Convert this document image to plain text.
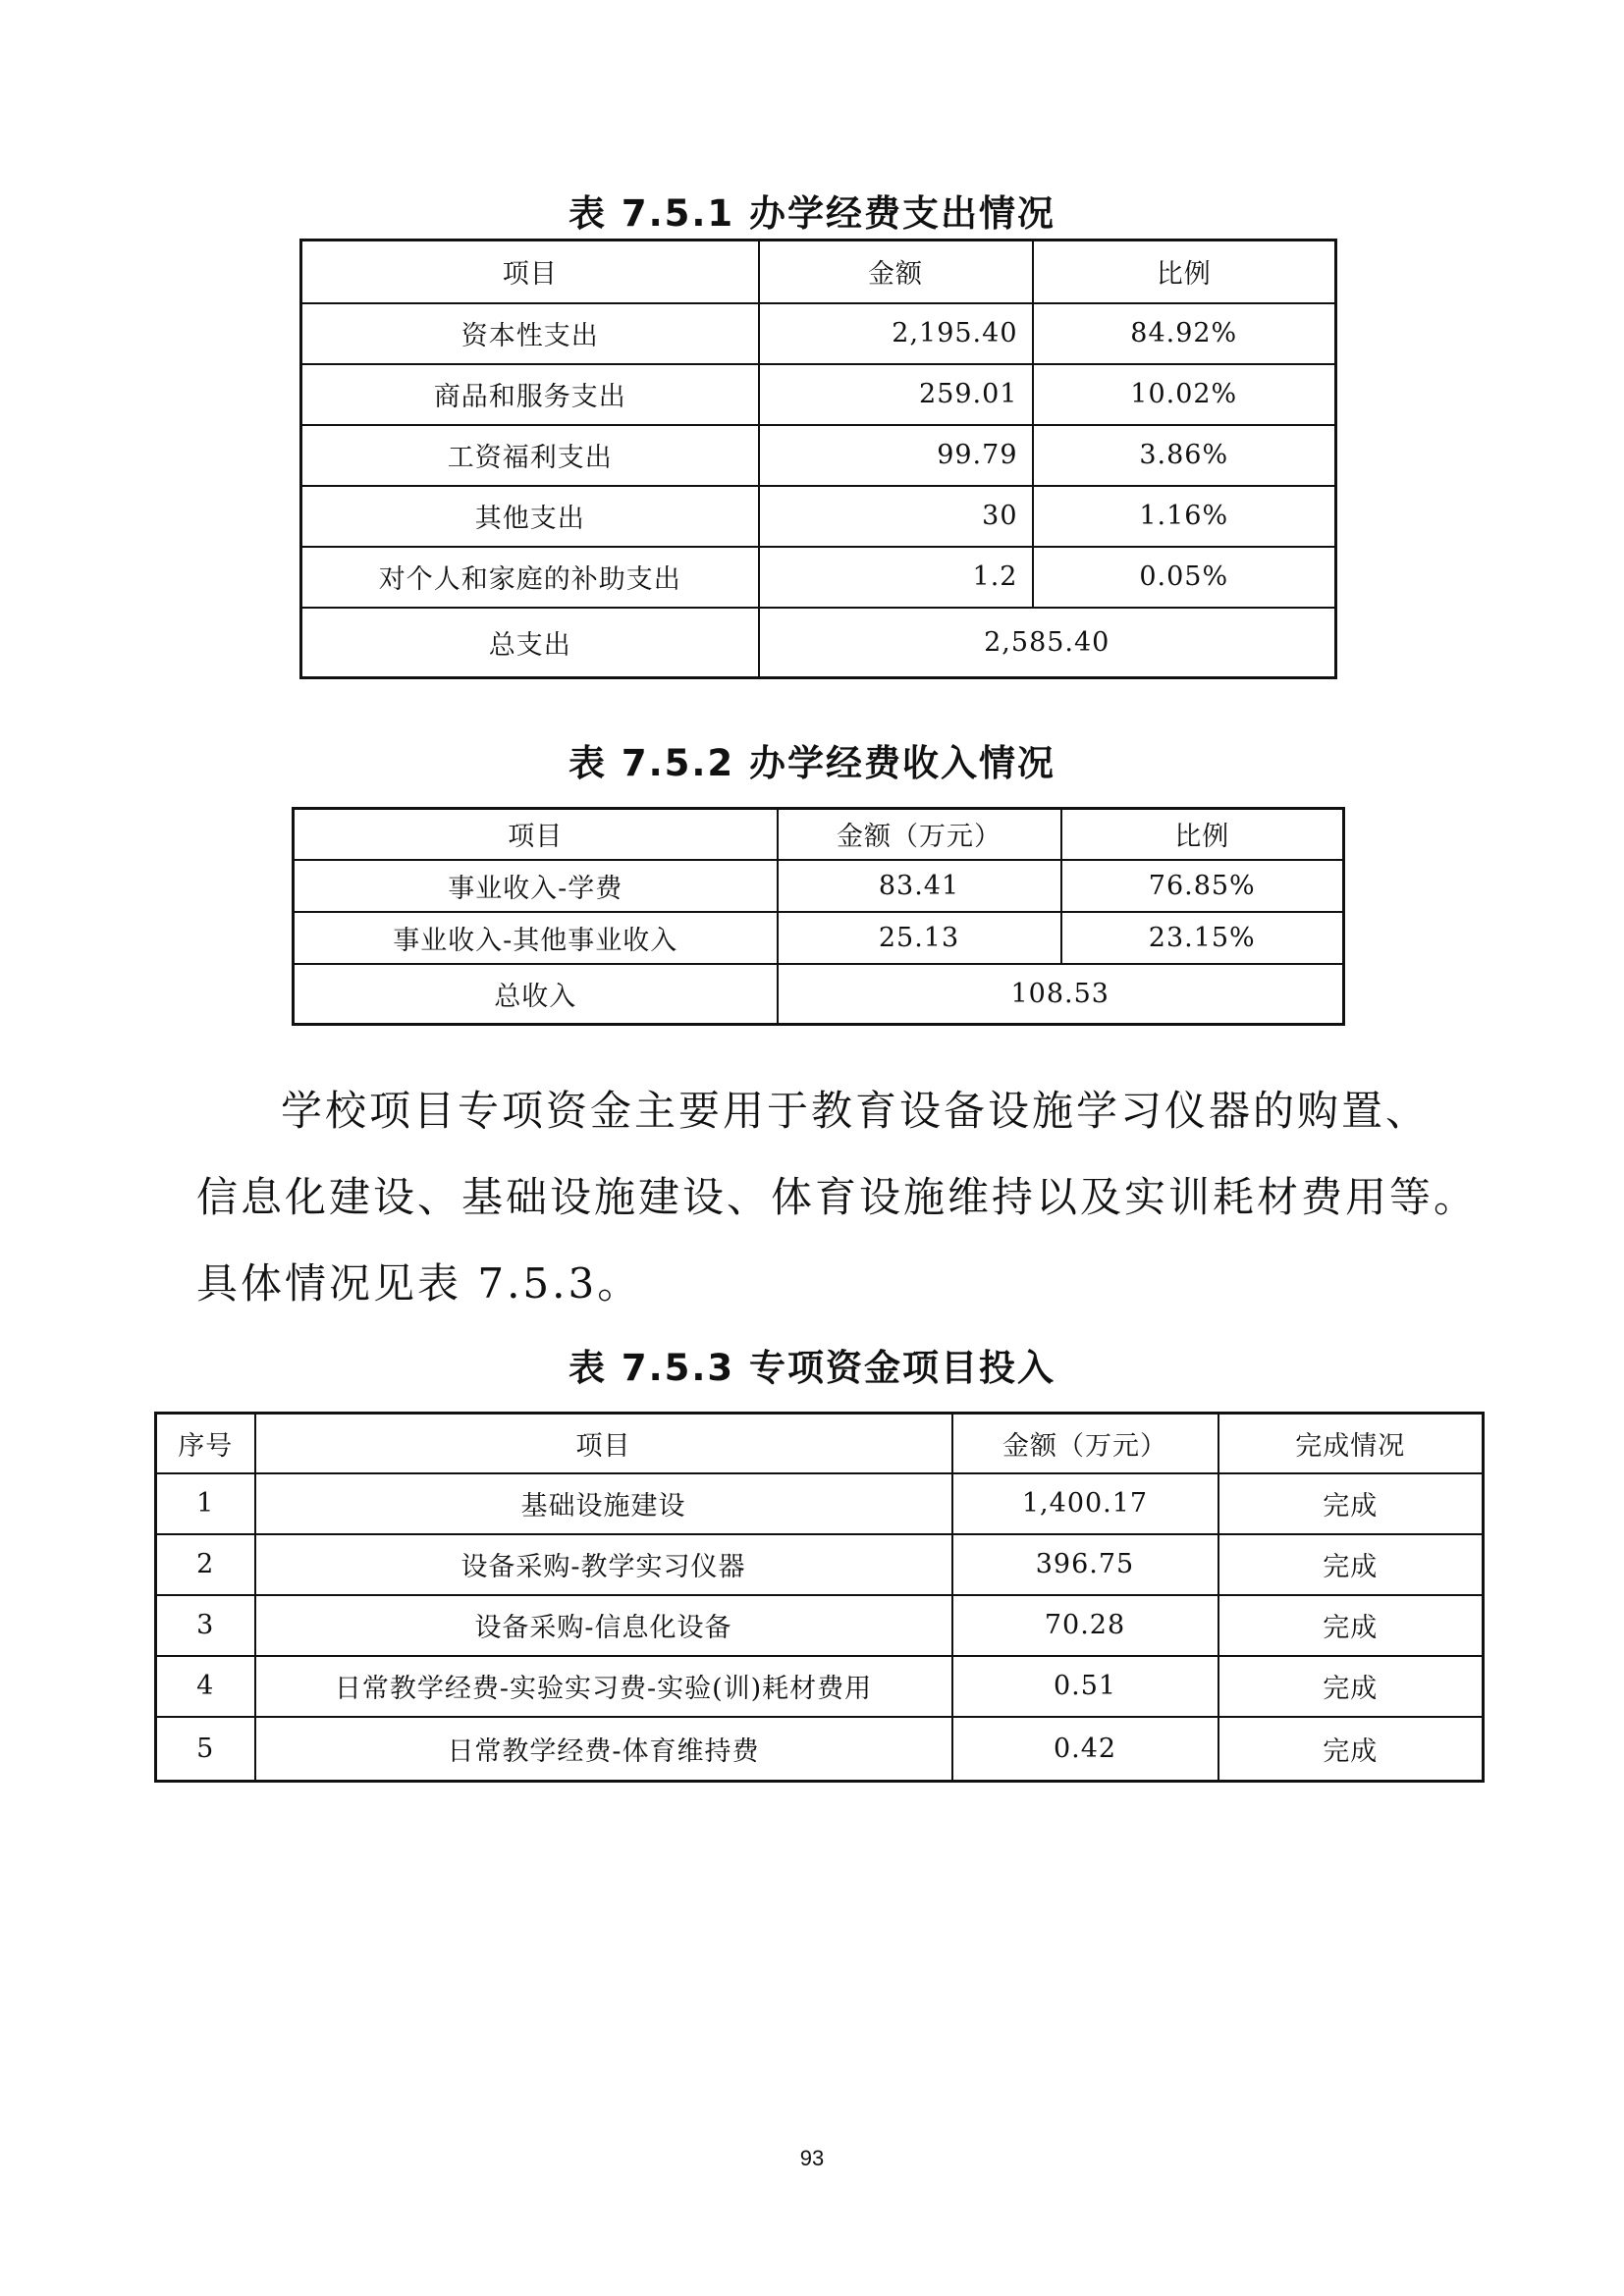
表 7.5.1 办学经费支出情况
项目	金额	比例
资本性支出	2,195.40	84.92%
商品和服务支出	259.01	10.02%
工资福利支出	99.79	3.86%
其他支出	30	1.16%
对个人和家庭的补助支出	1.2	0.05%
总支出	2,585.40	
表 7.5.2 办学经费收入情况
项目	金额（万元）	比例
事业收入-学费	83.41	76.85%
事业收入-其他事业收入	25.13	23.15%
总收入	108.53	
学校项目专项资金主要用于教育设备设施学习仪器的购置、
信息化建设、基础设施建设、体育设施维持以及实训耗材费用等。
具体情况见表 7.5.3。
表 7.5.3 专项资金项目投入
序号	项目	金额（万元）	完成情况
1	基础设施建设	1,400.17	完成
2	设备采购-教学实习仪器	396.75	完成
3	设备采购-信息化设备	70.28	完成
4	日常教学经费-实验实习费-实验(训)耗材费用	0.51	完成
5	日常教学经费-体育维持费	0.42	完成
93
